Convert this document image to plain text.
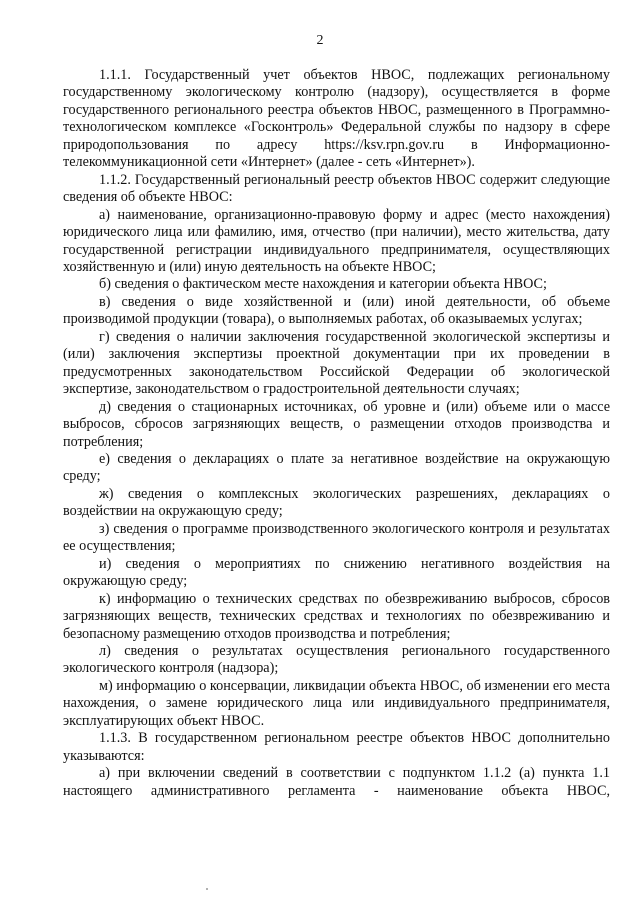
2

1.1.1. Государственный учет объектов НВОС, подлежащих региональному государственному экологическому контролю (надзору), осуществляется в форме государственного регионального реестра объектов НВОС, размещенного в Программно-технологическом комплексе «Госконтроль» Федеральной службы по надзору в сфере природопользования по адресу https://ksv.rpn.gov.ru в Информационно-телекоммуникационной сети «Интернет» (далее - сеть «Интернет»).

1.1.2. Государственный региональный реестр объектов НВОС содержит следующие сведения об объекте НВОС:

а) наименование, организационно-правовую форму и адрес (место нахождения) юридического лица или фамилию, имя, отчество (при наличии), место жительства, дату государственной регистрации индивидуального предпринимателя, осуществляющих хозяйственную и (или) иную деятельность на объекте НВОС;

б) сведения о фактическом месте нахождения и категории объекта НВОС;

в) сведения о виде хозяйственной и (или) иной деятельности, об объеме производимой продукции (товара), о выполняемых работах, об оказываемых услугах;

г) сведения о наличии заключения государственной экологической экспертизы и (или) заключения экспертизы проектной документации при их проведении в предусмотренных законодательством Российской Федерации об экологической экспертизе, законодательством о градостроительной деятельности случаях;

д) сведения о стационарных источниках, об уровне и (или) объеме или о массе выбросов, сбросов загрязняющих веществ, о размещении отходов производства и потребления;

е) сведения о декларациях о плате за негативное воздействие на окружающую среду;

ж) сведения о комплексных экологических разрешениях, декларациях о воздействии на окружающую среду;

з) сведения о программе производственного экологического контроля и результатах ее осуществления;

и) сведения о мероприятиях по снижению негативного воздействия на окружающую среду;

к) информацию о технических средствах по обезвреживанию выбросов, сбросов загрязняющих веществ, технических средствах и технологиях по обезвреживанию и безопасному размещению отходов производства и потребления;

л) сведения о результатах осуществления регионального государственного экологического контроля (надзора);

м) информацию о консервации, ликвидации объекта НВОС, об изменении его места нахождения, о замене юридического лица или индивидуального предпринимателя, эксплуатирующих объект НВОС.

1.1.3. В государственном региональном реестре объектов НВОС дополнительно указываются:

а) при включении сведений в соответствии с подпунктом 1.1.2 (а) пункта 1.1 настоящего административного регламента - наименование объекта НВОС,
